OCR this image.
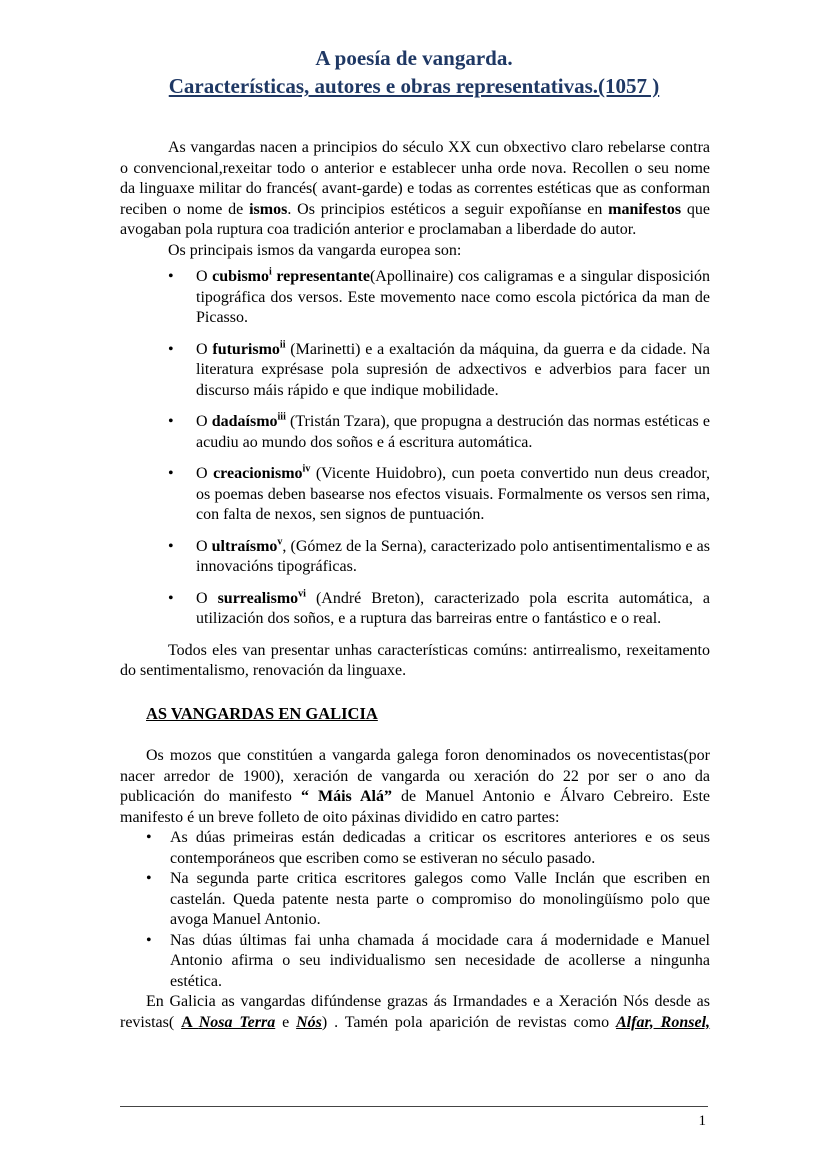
A poesía de vangarda.
Características, autores e obras representativas.(1057 )

As vangardas nacen a principios do século XX cun obxectivo claro rebelarse contra o convencional,rexeitar todo o anterior e establecer unha orde nova. Recollen o seu nome da linguaxe militar do francés( avant-garde) e todas as correntes estéticas que as conforman reciben o nome de ismos. Os principios estéticos a seguir expoñíanse en manifestos que avogaban pola ruptura coa tradición anterior e proclamaban a liberdade do autor.

Os principais ismos da vangarda europea son:

• O cubismo$^i$ representante(Apollinaire) cos caligramas e a singular disposición tipográfica dos versos. Este movemento nace como escola pictórica da man de Picasso.
• O futurismo$^{ii}$ (Marinetti) e a exaltación da máquina, da guerra e da cidade. Na literatura exprésase pola supresión de adxectivos e adverbios para facer un discurso máis rápido e que indique mobilidade.
• O dadaísmo$^{iii}$ (Tristán Tzara), que propugna a destrución das normas estéticas e acudiu ao mundo dos soños e á escritura automática.
• O creacionismo$^{iv}$ (Vicente Huidobro), cun poeta convertido nun deus creador, os poemas deben basearse nos efectos visuais. Formalmente os versos sen rima, con falta de nexos, sen signos de puntuación.
• O ultraísmo$^v$, (Gómez de la Serna), caracterizado polo antisentimentalismo e as innovacións tipográficas.
• O surrealismo$^{vi}$ (André Breton), caracterizado pola escrita automática, a utilización dos soños, e a ruptura das barreiras entre o fantástico e o real.

Todos eles van presentar unhas características comúns: antirrealismo, rexeitamento do sentimentalismo, renovación da linguaxe.

AS VANGARDAS EN GALICIA

Os mozos que constitúen a vangarda galega foron denominados os novecentistas(por nacer arredor de 1900), xeración de vangarda ou xeración do 22 por ser o ano da publicación do manifesto “ Máis Alá” de Manuel Antonio e Álvaro Cebreiro. Este manifesto é un breve folleto de oito páxinas dividido en catro partes:

• As dúas primeiras están dedicadas a criticar os escritores anteriores e os seus contemporáneos que escriben como se estiveran no século pasado.
• Na segunda parte critica escritores galegos como Valle Inclán que escriben en castelán. Queda patente nesta parte o compromiso do monolingüísmo polo que avoga Manuel Antonio.
• Nas dúas últimas fai unha chamada á mocidade cara á modernidade e Manuel Antonio afirma o seu individualismo sen necesidade de acollerse a ningunha estética.

En Galicia as vangardas difúndense grazas ás Irmandades e a Xeración Nós desde as revistas( A Nosa Terra e Nós) . Tamén pola aparición de revistas como Alfar, Ronsel,

1
